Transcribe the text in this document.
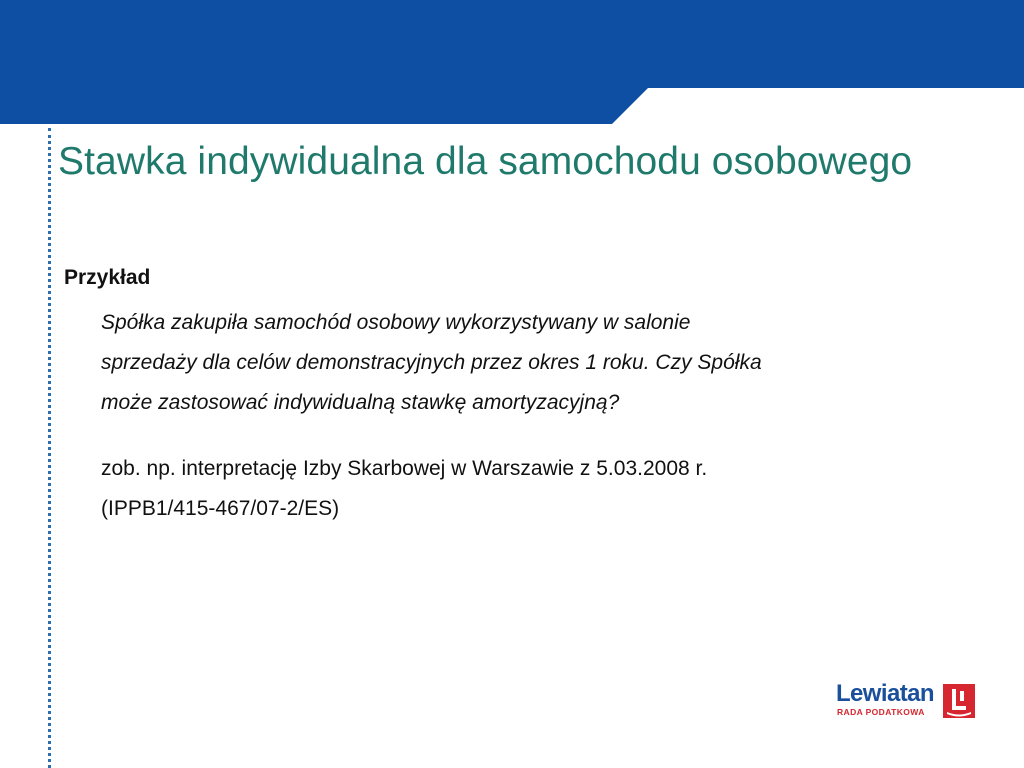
Stawka indywidualna dla samochodu osobowego

Przykład

Spółka zakupiła samochód osobowy wykorzystywany w salonie
sprzedaży dla celów demonstracyjnych przez okres 1 roku. Czy Spółka
może zastosować indywidualną stawkę amortyzacyjną?

zob. np. interpretację Izby Skarbowej w Warszawie z 5.03.2008 r.
(IPPB1/415-467/07-2/ES)

Lewiatan
RADA PODATKOWA
